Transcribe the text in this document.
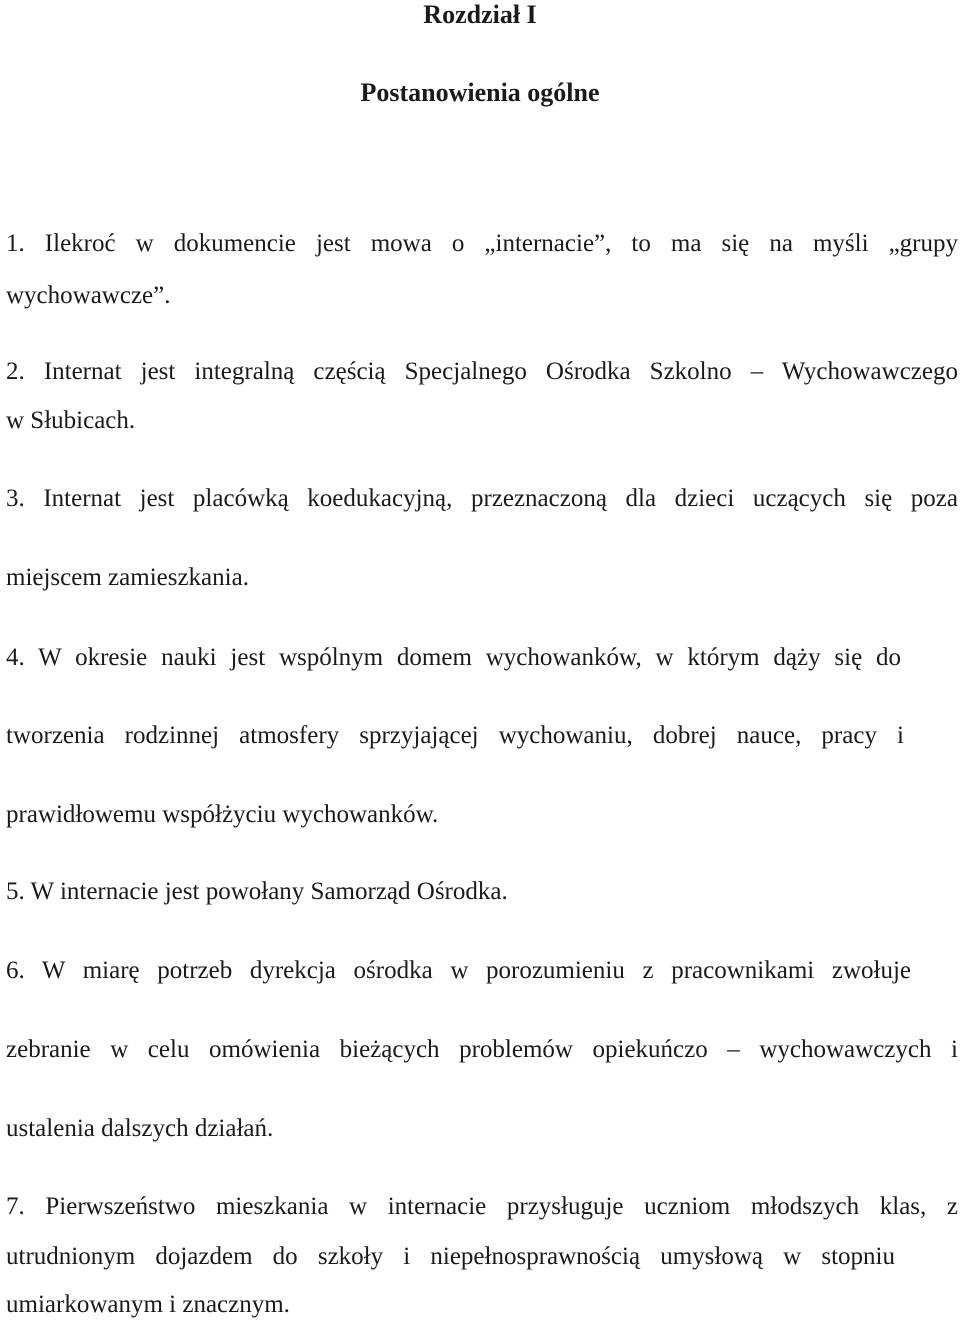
Rozdział I
Postanowienia ogólne

1. Ilekroć w dokumencie jest mowa o „internacie”, to ma się na myśli „grupy

wychowawcze”.

2. Internat jest integralną częścią Specjalnego Ośrodka Szkolno – Wychowawczego

w Słubicach.

3. Internat jest placówką koedukacyjną, przeznaczoną dla dzieci uczących się poza

miejscem zamieszkania.

4. W okresie nauki jest wspólnym domem wychowanków, w którym dąży się do

tworzenia rodzinnej atmosfery sprzyjającej wychowaniu, dobrej nauce, pracy i

prawidłowemu współżyciu wychowanków.

5. W internacie jest powołany Samorząd Ośrodka.

6. W miarę potrzeb dyrekcja ośrodka w porozumieniu z pracownikami zwołuje

zebranie w celu omówienia bieżących problemów opiekuńczo – wychowawczych i

ustalenia dalszych działań.

7. Pierwszeństwo mieszkania w internacie przysługuje uczniom młodszych klas, z

utrudnionym dojazdem do szkoły i niepełnosprawnością umysłową w stopniu

umiarkowanym i znacznym.
